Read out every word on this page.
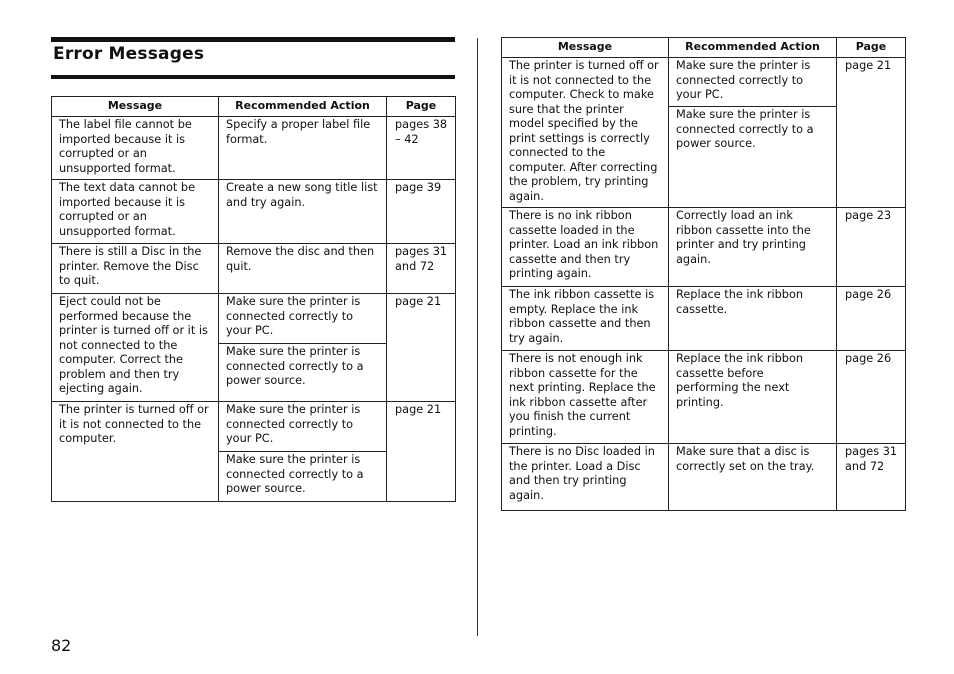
Error Messages
Message	Recommended Action	Page
The label file cannot be imported because it is corrupted or an unsupported format.	Specify a proper label file format.	pages 38 – 42
The text data cannot be imported because it is corrupted or an unsupported format.	Create a new song title list and try again.	page 39
There is still a Disc in the printer. Remove the Disc to quit.	Remove the disc and then quit.	pages 31 and 72
Eject could not be performed because the printer is turned off or it is not connected to the computer. Correct the problem and then try ejecting again.	Make sure the printer is connected correctly to your PC.	page 21
	Make sure the printer is connected correctly to a power source.	
The printer is turned off or it is not connected to the computer.	Make sure the printer is connected correctly to your PC.	page 21
	Make sure the printer is connected correctly to a power source.	
Message	Recommended Action	Page
The printer is turned off or it is not connected to the computer. Check to make sure that the printer model specified by the print settings is correctly connected to the computer. After correcting the problem, try printing again.	Make sure the printer is connected correctly to your PC.	page 21
	Make sure the printer is connected correctly to a power source.	
There is no ink ribbon cassette loaded in the printer. Load an ink ribbon cassette and then try printing again.	Correctly load an ink ribbon cassette into the printer and try printing again.	page 23
The ink ribbon cassette is empty. Replace the ink ribbon cassette and then try again.	Replace the ink ribbon cassette.	page 26
There is not enough ink ribbon cassette for the next printing. Replace the ink ribbon cassette after you finish the current printing.	Replace the ink ribbon cassette before performing the next printing.	page 26
There is no Disc loaded in the printer. Load a Disc and then try printing again.	Make sure that a disc is correctly set on the tray.	pages 31 and 72
82
